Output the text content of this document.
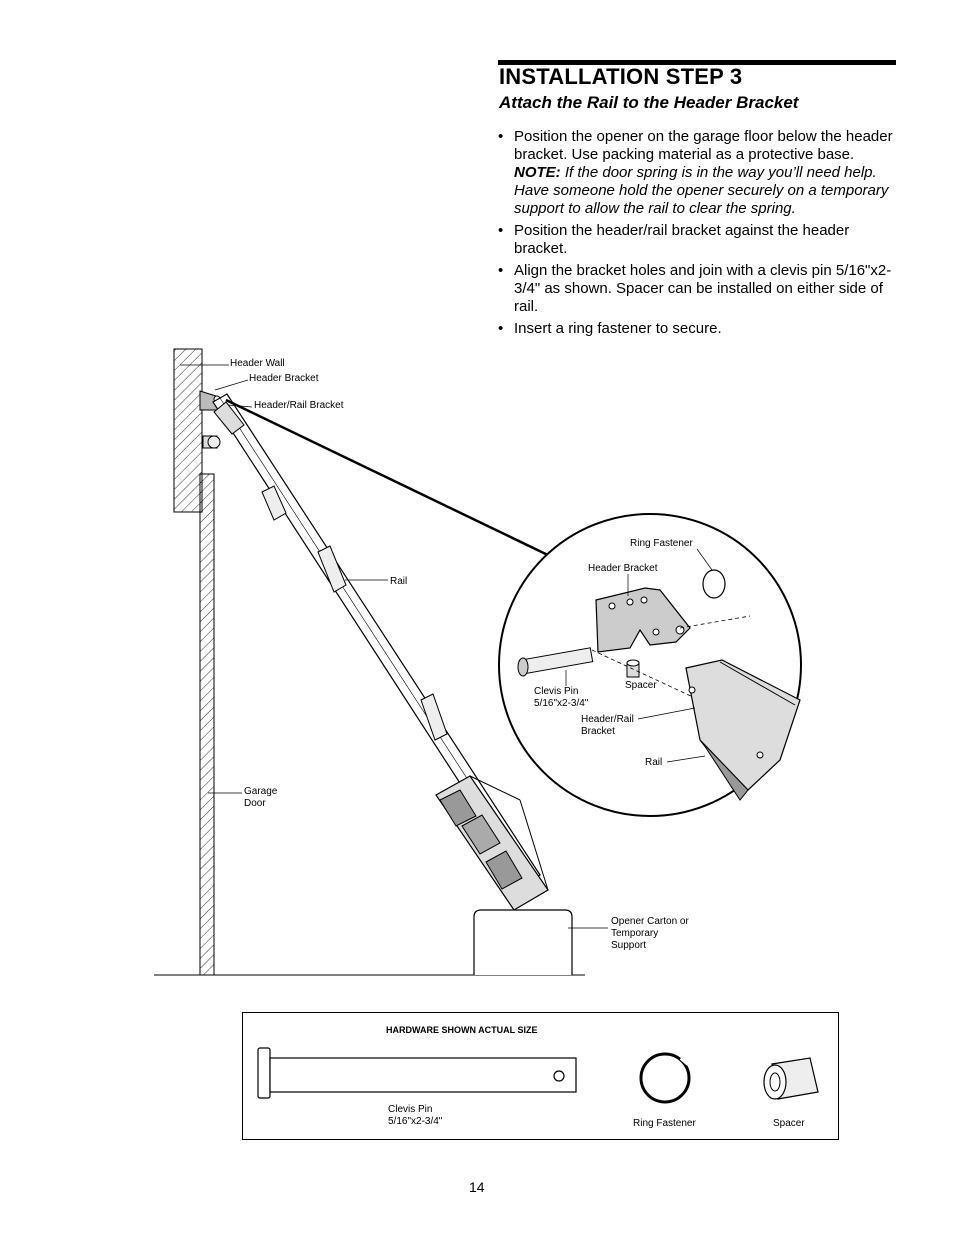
INSTALLATION STEP 3
Attach the Rail to the Header Bracket
• Position the opener on the garage floor below the header bracket. Use packing material as a protective base. NOTE: If the door spring is in the way you’ll need help. Have someone hold the opener securely on a temporary support to allow the rail to clear the spring.
• Position the header/rail bracket against the header bracket.
• Align the bracket holes and join with a clevis pin 5/16"x2-3/4" as shown. Spacer can be installed on either side of rail.
• Insert a ring fastener to secure.
Header Wall
Header Bracket
Header/Rail Bracket
Rail
Garage
Door
Opener Carton or
Temporary
Support
Ring Fastener
Header Bracket
Spacer
Clevis Pin
5/16"x2-3/4"
Header/Rail
Bracket
Rail
Clevis Pin
5/16"x2-3/4"	Ring Fastener	Spacer
HARDWARE SHOWN ACTUAL SIZE
14
